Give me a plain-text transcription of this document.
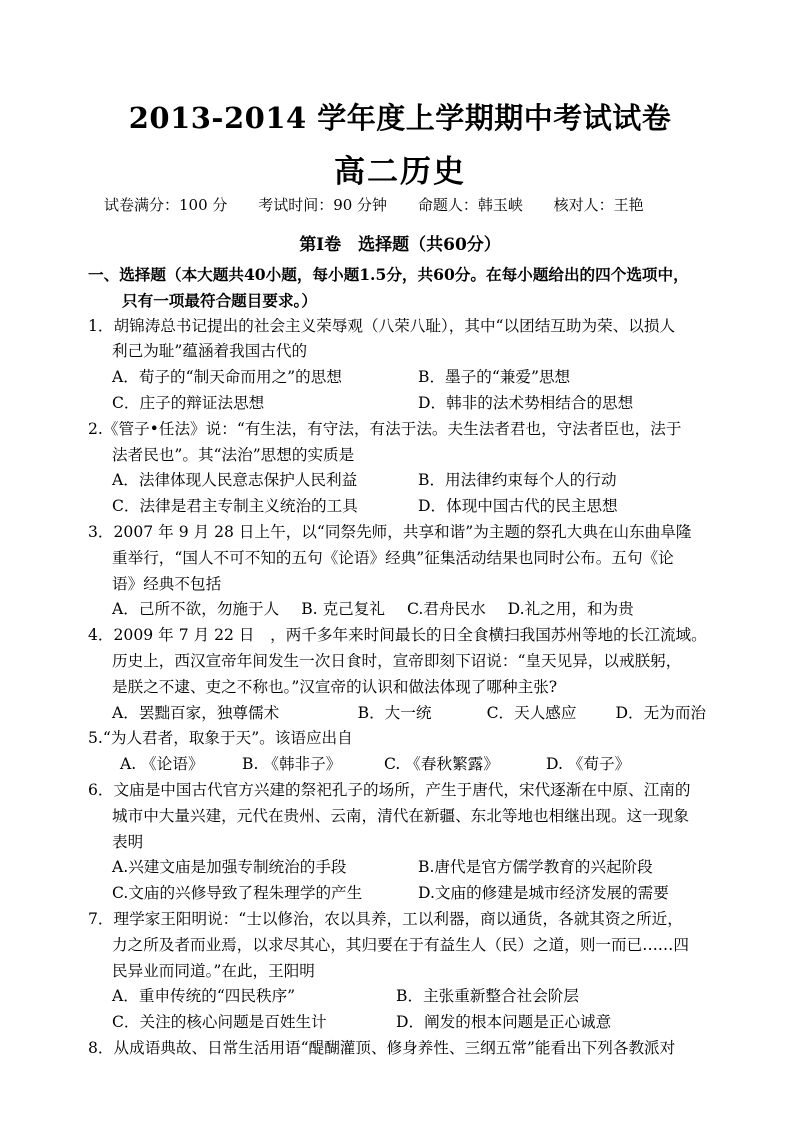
2013-2014 学年度上学期期中考试试卷
高二历史
试卷满分：100 分 考试时间：90 分钟 命题人：韩玉峡 核对人：王艳
第Ⅰ卷　选择题（共60分）
一、选择题（本大题共40小题，每小题1.5分，共60分。在每小题给出的四个选项中，
只有一项最符合题目要求。）
1．胡锦涛总书记提出的社会主义荣辱观（八荣八耻），其中“以团结互助为荣、以损人
利己为耻”蕴涵着我国古代的
A．荀子的“制天命而用之”的思想	B．墨子的“兼爱”思想
C．庄子的辩证法思想	D．韩非的法术势相结合的思想
2.《管子•任法》说：“有生法，有守法，有法于法。夫生法者君也，守法者臣也，法于
法者民也”。其“法治”思想的实质是
A．法律体现人民意志保护人民利益	B．用法律约束每个人的行动
C．法律是君主专制主义统治的工具	D．体现中国古代的民主思想
3．2007 年 9 月 28 日上午，以“同祭先师，共享和谐”为主题的祭孔大典在山东曲阜隆
重举行，“国人不可不知的五句《论语》经典”征集活动结果也同时公布。五句《论
语》经典不包括
A．己所不欲，勿施于人 B. 克己复礼 C.君舟民水 D.礼之用，和为贵
4．2009 年 7 月 22 日　，两千多年来时间最长的日全食横扫我国苏州等地的长江流域。
历史上，西汉宣帝年间发生一次日食时，宣帝即刻下诏说：“皇天见异，以戒朕躬，
是朕之不逮、吏之不称也。”汉宣帝的认识和做法体现了哪种主张?
A．罢黜百家，独尊儒术	B．大一统	C．天人感应	D．无为而治
5.“为人君者，取象于天”。该语应出自
A. 《论语》	B. 《韩非子》	C. 《春秋繁露》	D. 《荀子》
6．文庙是中国古代官方兴建的祭祀孔子的场所，产生于唐代，宋代逐渐在中原、江南的
城市中大量兴建，元代在贵州、云南，清代在新疆、东北等地也相继出现。这一现象
表明
A.兴建文庙是加强专制统治的手段	B.唐代是官方儒学教育的兴起阶段
C.文庙的兴修导致了程朱理学的产生	D.文庙的修建是城市经济发展的需要
7．理学家王阳明说：“士以修治，农以具养，工以利器，商以通货，各就其资之所近，
力之所及者而业焉，以求尽其心，其归要在于有益生人（民）之道，则一而已……四
民异业而同道。”在此，王阳明
A．重申传统的“四民秩序”	B．主张重新整合社会阶层
C．关注的核心问题是百姓生计	D．阐发的根本问题是正心诚意
8．从成语典故、日常生活用语“醍醐灌顶、修身养性、三纲五常”能看出下列各教派对
